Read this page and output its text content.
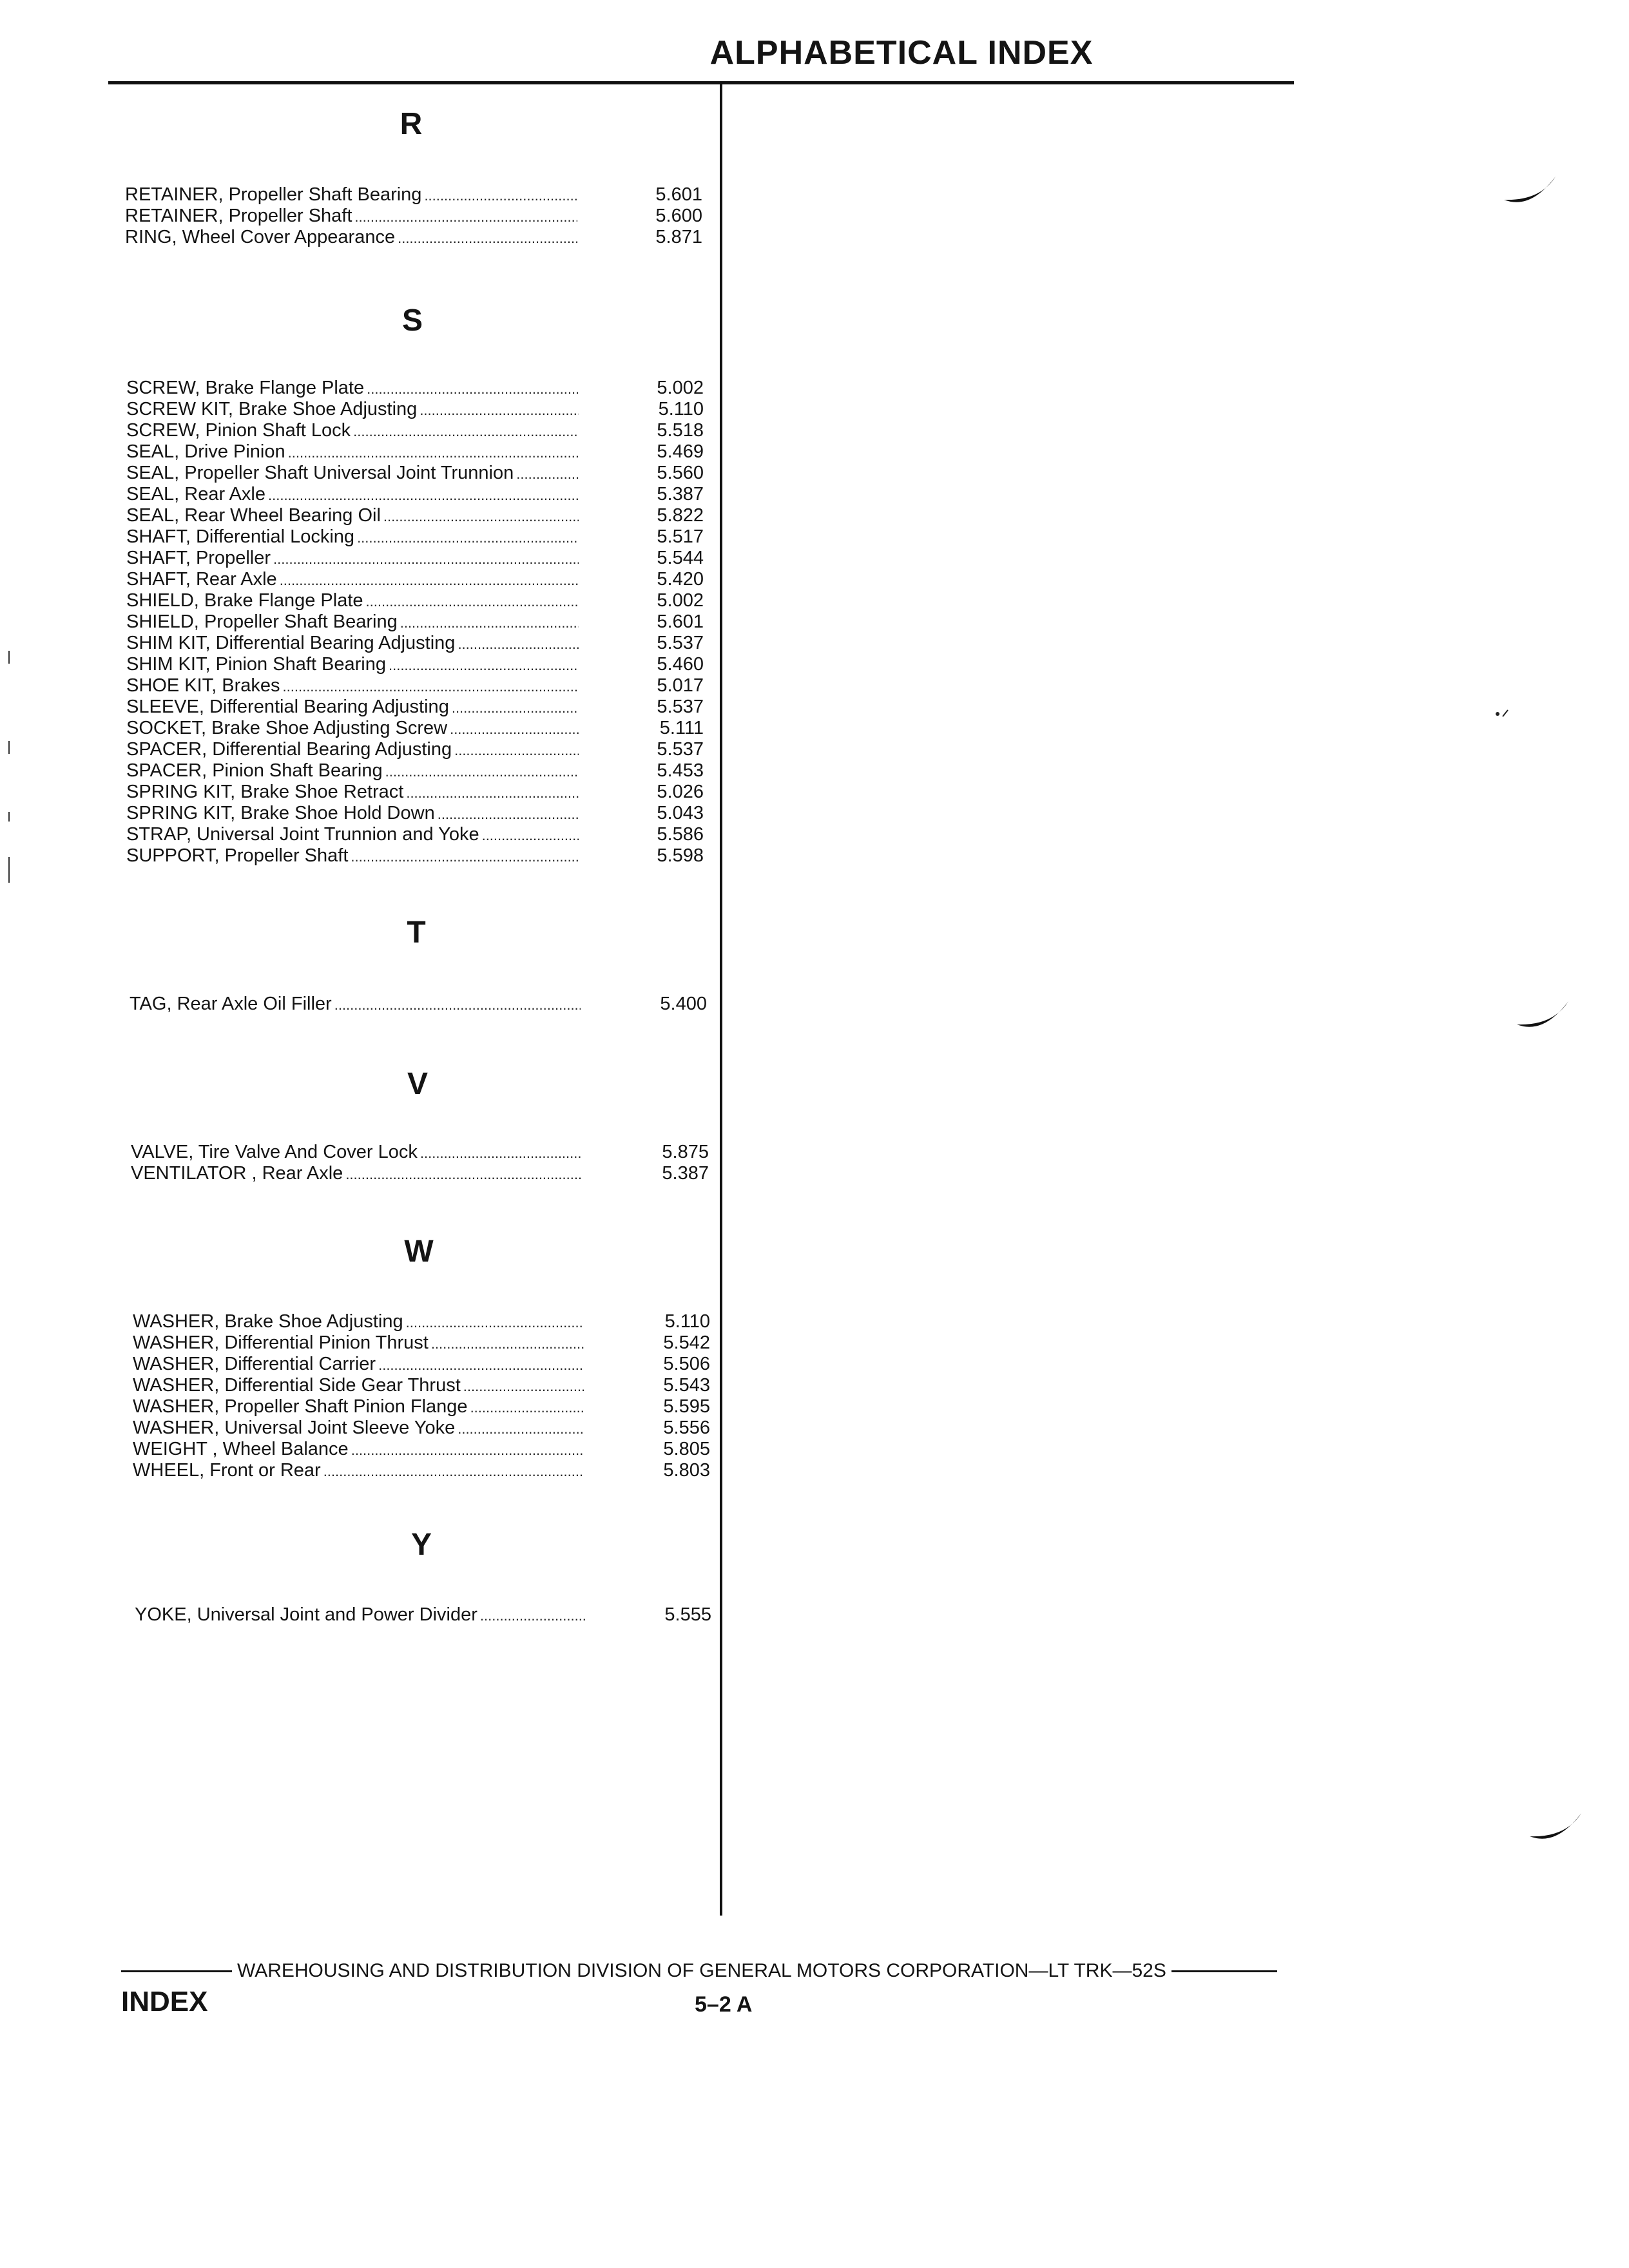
ALPHABETICAL INDEX
R
RETAINER, Propeller Shaft Bearing .....	5.601
RETAINER, Propeller Shaft .....	5.600
RING, Wheel Cover Appearance .....	5.871
S
SCREW, Brake Flange Plate .....	5.002
SCREW KIT, Brake Shoe Adjusting .....	5.110
SCREW, Pinion Shaft Lock .....	5.518
SEAL, Drive Pinion .....	5.469
SEAL, Propeller Shaft Universal Joint Trunnion .....	5.560
SEAL, Rear Axle .....	5.387
SEAL, Rear Wheel Bearing Oil .....	5.822
SHAFT, Differential Locking .....	5.517
SHAFT, Propeller .....	5.544
SHAFT, Rear Axle .....	5.420
SHIELD, Brake Flange Plate .....	5.002
SHIELD, Propeller Shaft Bearing .....	5.601
SHIM KIT, Differential Bearing Adjusting .....	5.537
SHIM KIT, Pinion Shaft Bearing .....	5.460
SHOE KIT, Brakes .....	5.017
SLEEVE, Differential Bearing Adjusting .....	5.537
SOCKET, Brake Shoe Adjusting Screw .....	5.111
SPACER, Differential Bearing Adjusting .....	5.537
SPACER, Pinion Shaft Bearing .....	5.453
SPRING KIT, Brake Shoe Retract .....	5.026
SPRING KIT, Brake Shoe Hold Down .....	5.043
STRAP, Universal Joint Trunnion and Yoke .....	5.586
SUPPORT, Propeller Shaft .....	5.598
T
TAG, Rear Axle Oil Filler .....	5.400
V
VALVE, Tire Valve And Cover Lock .....	5.875
VENTILATOR , Rear Axle .....	5.387
W
WASHER, Brake Shoe Adjusting .....	5.110
WASHER, Differential Pinion Thrust .....	5.542
WASHER, Differential Carrier .....	5.506
WASHER, Differential Side Gear Thrust .....	5.543
WASHER, Propeller Shaft Pinion Flange .....	5.595
WASHER, Universal Joint Sleeve Yoke .....	5.556
WEIGHT , Wheel Balance .....	5.805
WHEEL, Front or Rear .....	5.803
Y
YOKE, Universal Joint and Power Divider .....	5.555
WAREHOUSING AND DISTRIBUTION DIVISION OF GENERAL MOTORS CORPORATION—LT TRK—52S
INDEX	5–2 A
